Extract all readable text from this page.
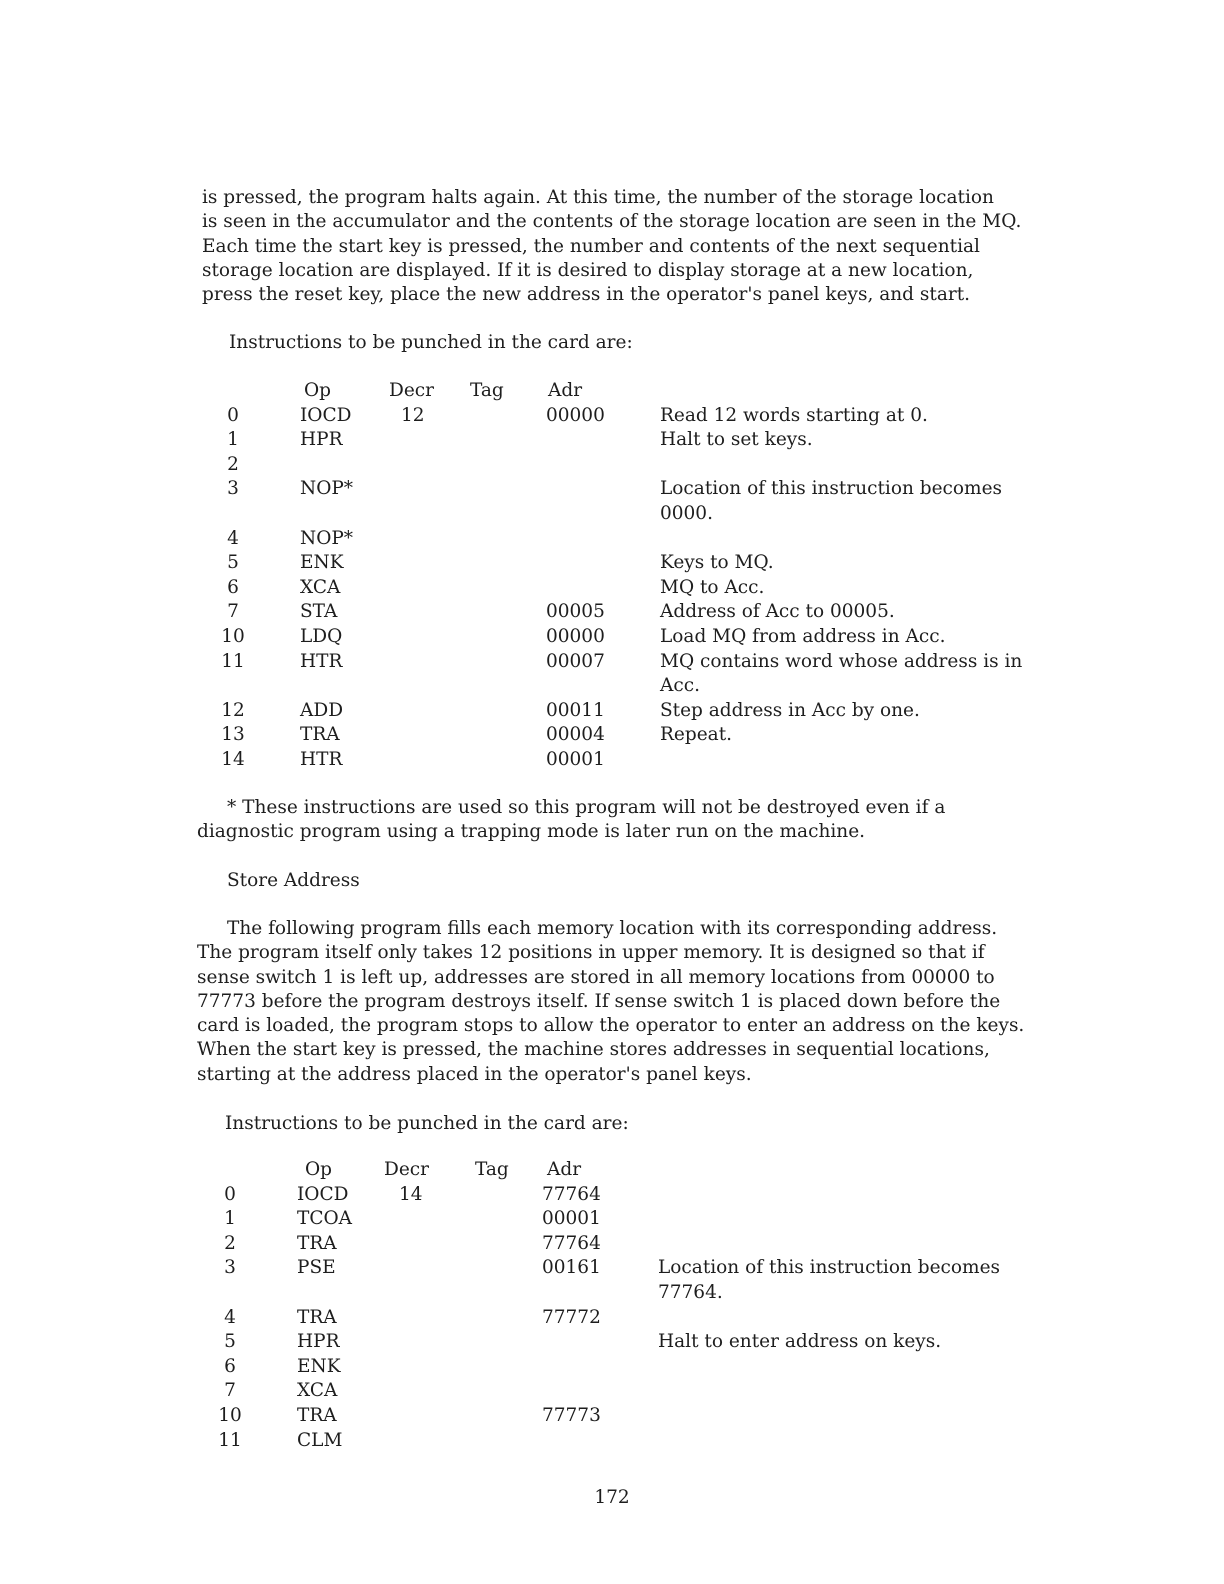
is pressed, the program halts again. At this time, the number of the storage location
is seen in the accumulator and the contents of the storage location are seen in the MQ.
Each time the start key is pressed, the number and contents of the next sequential
storage location are displayed. If it is desired to display storage at a new location,
press the reset key, place the new address in the operator's panel keys, and start.
Instructions to be punched in the card are:
Op	Decr Tag Adr
0	IOCD	12	00000	Read 12 words starting at 0.
1	HPR	Halt to set keys.
2
3	NOP*	Location of this instruction becomes 0000.
4	NOP*
5	ENK	Keys to MQ.
6	XCA	MQ to Acc.
7	STA	00005	Address of Acc to 00005.
10	LDQ	00000	Load MQ from address in Acc.
11	HTR	00007	MQ contains word whose address is in Acc.
12	ADD	00011	Step address in Acc by one.
13	TRA	00004	Repeat.
14	HTR	00001
* These instructions are used so this program will not be destroyed even if a
diagnostic program using a trapping mode is later run on the machine.
Store Address
The following program fills each memory location with its corresponding address.
The program itself only takes 12 positions in upper memory. It is designed so that if
sense switch 1 is left up, addresses are stored in all memory locations from 00000 to
77773 before the program destroys itself. If sense switch 1 is placed down before the
card is loaded, the program stops to allow the operator to enter an address on the keys.
When the start key is pressed, the machine stores addresses in sequential locations,
starting at the address placed in the operator's panel keys.
Instructions to be punched in the card are:
Op	Decr Tag Adr
0	IOCD	14	77764
1	TCOA	00001
2	TRA	77764
3	PSE	00161	Location of this instruction becomes 77764.
4	TRA	77772
5	HPR	Halt to enter address on keys.
6	ENK
7	XCA
10	TRA	77773
11	CLM
172
